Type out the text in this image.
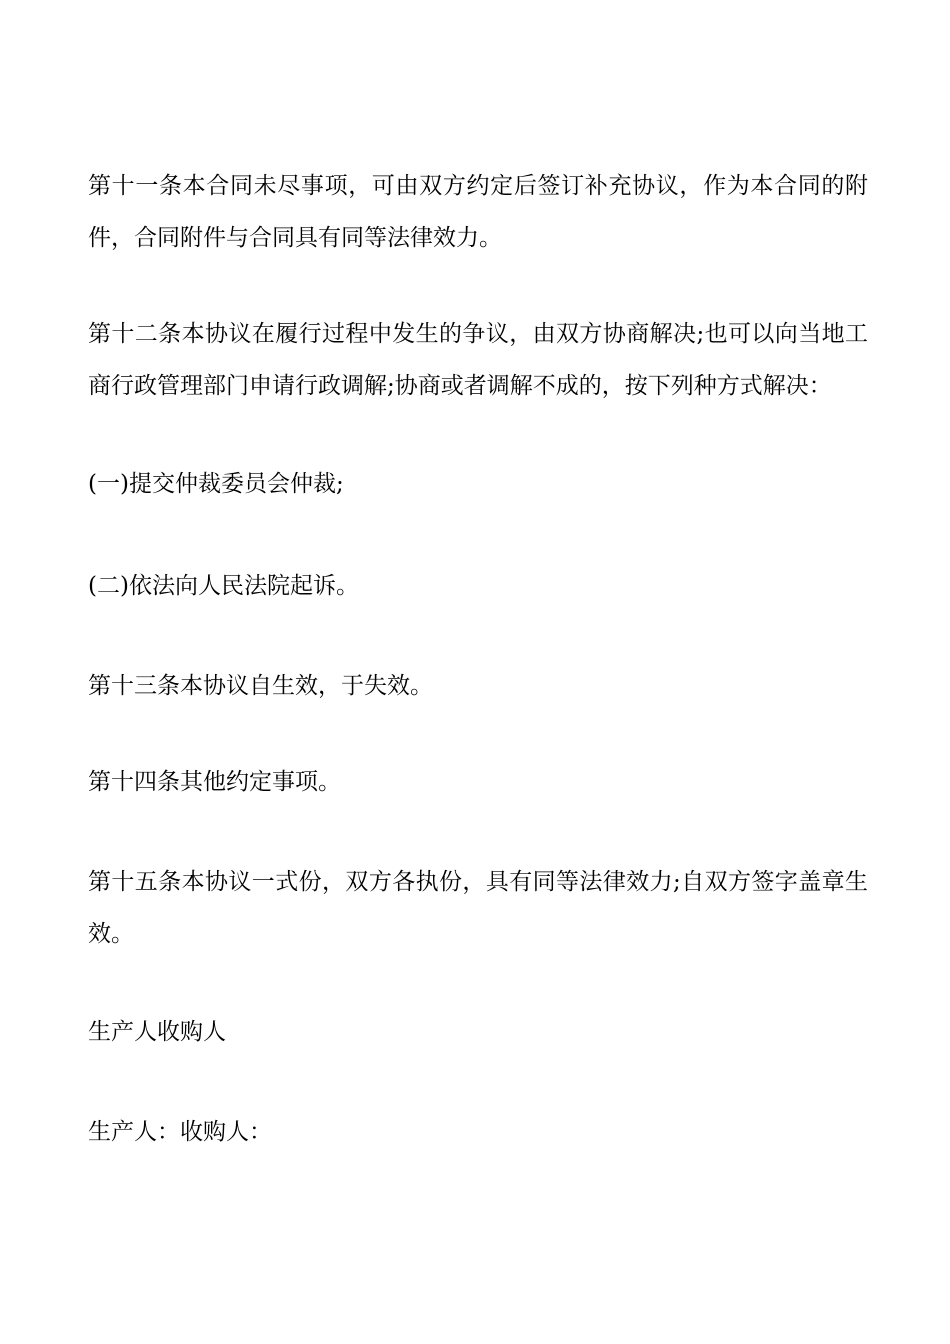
第十一条本合同未尽事项，可由双方约定后签订补充协议，作为本合同的附件，合同附件与合同具有同等法律效力。

第十二条本协议在履行过程中发生的争议，由双方协商解决;也可以向当地工商行政管理部门申请行政调解;协商或者调解不成的，按下列种方式解决：

(一)提交仲裁委员会仲裁;

(二)依法向人民法院起诉。

第十三条本协议自生效，于失效。

第十四条其他约定事项。

第十五条本协议一式份，双方各执份，具有同等法律效力;自双方签字盖章生效。

生产人收购人

生产人：收购人：
